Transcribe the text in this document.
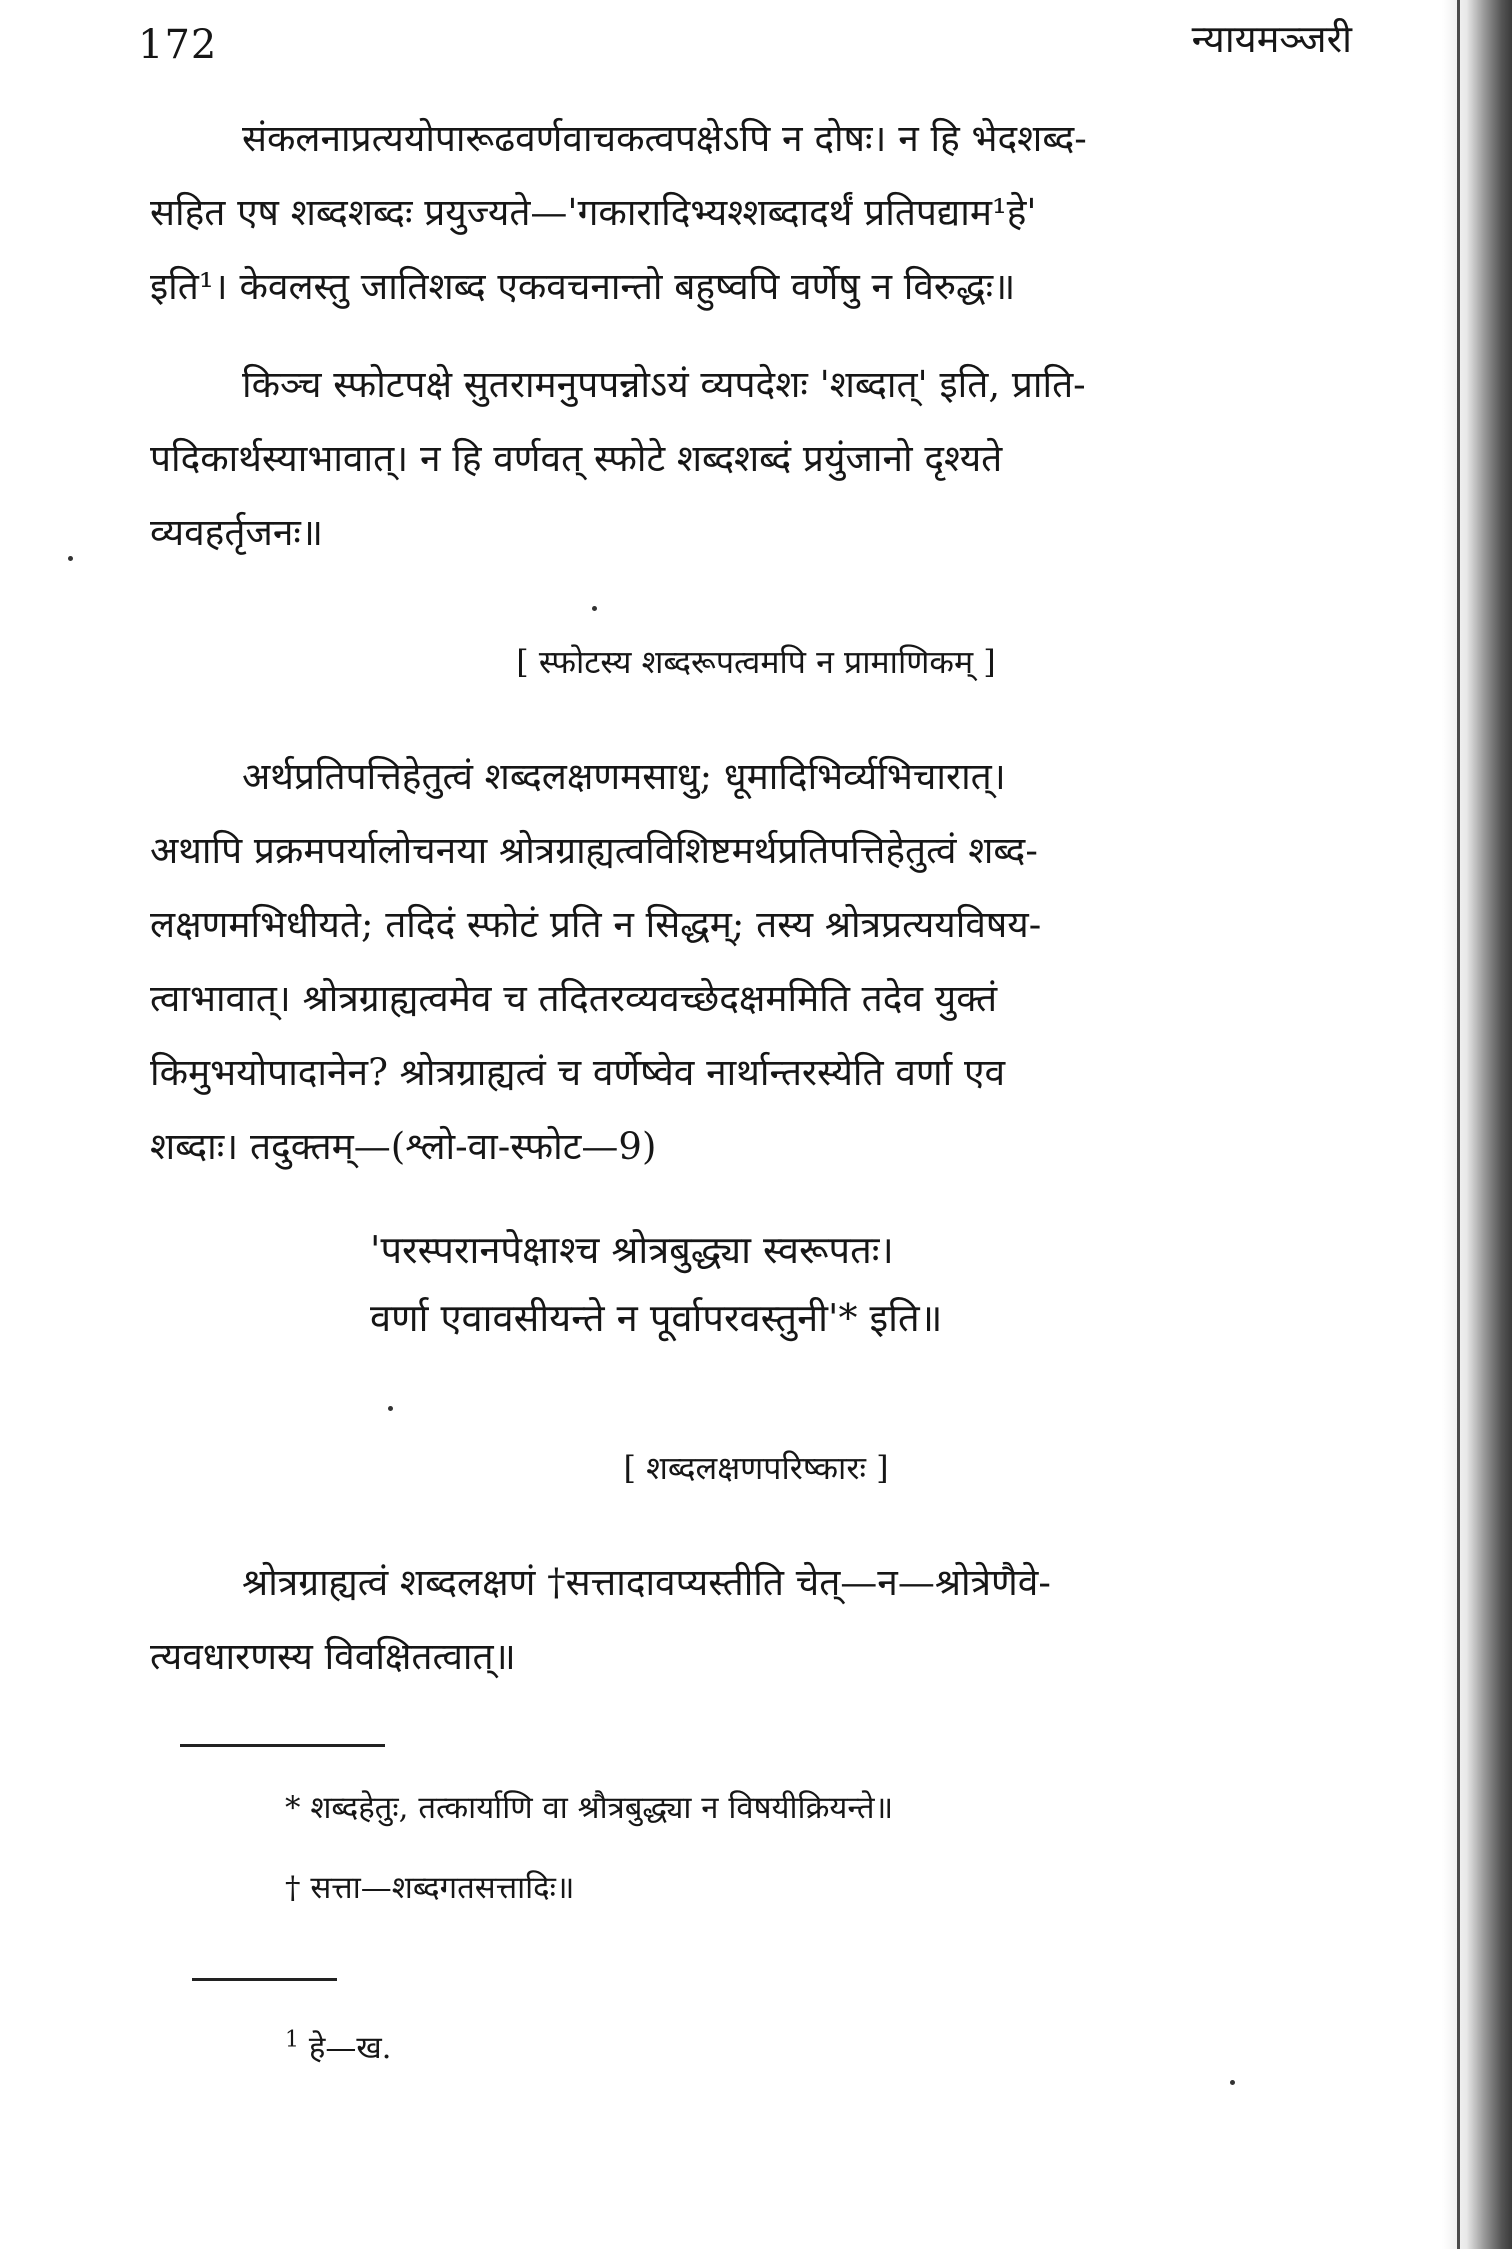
172	न्यायमञ्जरी
संकलनाप्रत्ययोपारूढवर्णवाचकत्वपक्षेऽपि न दोषः। न हि भेदशब्द-
सहित एष शब्दशब्दः प्रयुज्यते—'गकारादिभ्यश्शब्दादर्थं प्रतिपद्याम¹हे'
इति¹। केवलस्तु जातिशब्द एकवचनान्तो बहुष्वपि वर्णेषु न विरुद्धः॥
किञ्च स्फोटपक्षे सुतरामनुपपन्नोऽयं व्यपदेशः 'शब्दात्' इति, प्राति-
पदिकार्थस्याभावात्। न हि वर्णवत् स्फोटे शब्दशब्दं प्रयुंजानो दृश्यते
व्यवहर्तृजनः॥
[ स्फोटस्य शब्दरूपत्वमपि न प्रामाणिकम् ]
अर्थप्रतिपत्तिहेतुत्वं शब्दलक्षणमसाधु; धूमादिभिर्व्यभिचारात्।
अथापि प्रक्रमपर्यालोचनया श्रोत्रग्राह्यत्वविशिष्टमर्थप्रतिपत्तिहेतुत्वं शब्द-
लक्षणमभिधीयते; तदिदं स्फोटं प्रति न सिद्धम्; तस्य श्रोत्रप्रत्ययविषय-
त्वाभावात्। श्रोत्रग्राह्यत्वमेव च तदितरव्यवच्छेदक्षममिति तदेव युक्तं
किमुभयोपादानेन? श्रोत्रग्राह्यत्वं च वर्णेष्वेव नार्थान्तरस्येति वर्णा एव
शब्दाः। तदुक्तम्—(श्लो-वा-स्फोट—9)
'परस्परानपेक्षाश्च श्रोत्रबुद्ध्या स्वरूपतः।
वर्णा एवावसीयन्ते न पूर्वापरवस्तुनी'* इति॥
[ शब्दलक्षणपरिष्कारः ]
श्रोत्रग्राह्यत्वं शब्दलक्षणं †सत्तादावप्यस्तीति चेत्—न—श्रोत्रेणैवे-
त्यवधारणस्य विवक्षितत्वात्॥
* शब्दहेतुः, तत्कार्याणि वा श्रौत्रबुद्ध्या न विषयीक्रियन्ते॥
† सत्ता—शब्दगतसत्तादिः॥
$^1$ हे—ख.
